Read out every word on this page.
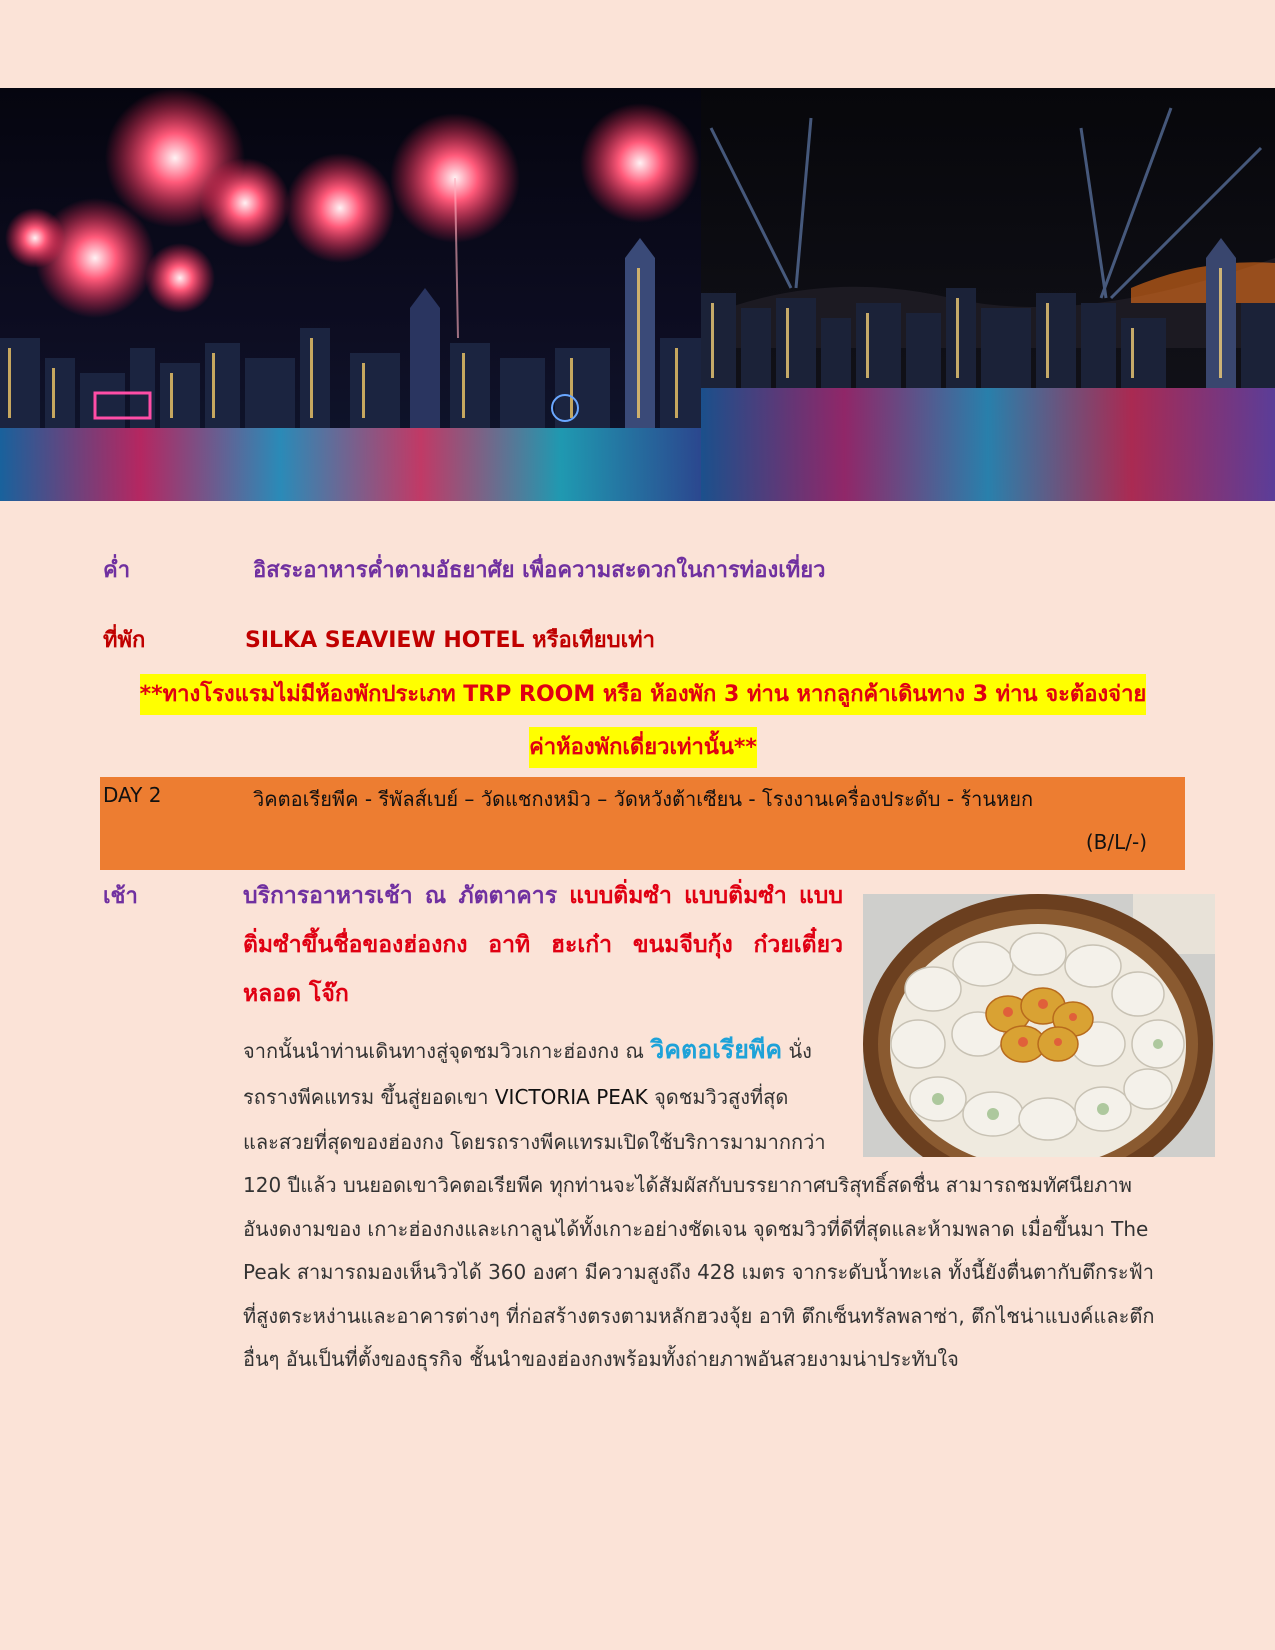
ค่ำ	อิสระอาหารค่ำตามอัธยาศัย เพื่อความสะดวกในการท่องเที่ยว
ที่พัก	SILKA SEAVIEW HOTEL หรือเทียบเท่า
**ทางโรงแรมไม่มีห้องพักประเภท TRP ROOM หรือ ห้องพัก 3 ท่าน หากลูกค้าเดินทาง 3 ท่าน จะต้องจ่าย
ค่าห้องพักเดี่ยวเท่านั้น**
DAY 2	วิคตอเรียพีค - รีพัลส์เบย์ – วัดแชกงหมิว – วัดหวังต้าเซียน - โรงงานเครื่องประดับ - ร้านหยก
(B/L/-)
เช้า	บริการอาหารเช้า ณ ภัตตาคาร แบบติ่มซำ แบบติ่มซำ แบบติ่มซำขึ้นชื่อของฮ่องกง อาทิ ฮะเก๋า ขนมจีบกุ้ง ก๋วยเตี๋ยวหลอด โจ๊ก
จากนั้นนำท่านเดินทางสู่จุดชมวิวเกาะฮ่องกง ณ วิคตอเรียพีค นั่ง
รถรางพีคแทรม ขึ้นสู่ยอดเขา VICTORIA PEAK จุดชมวิวสูงที่สุด
และสวยที่สุดของฮ่องกง โดยรถรางพีคแทรมเปิดใช้บริการมามากกว่า
120 ปีแล้ว บนยอดเขาวิคตอเรียพีค ทุกท่านจะได้สัมผัสกับบรรยากาศบริสุทธิ์สดชื่น สามารถชมทัศนียภาพ
อันงดงามของ เกาะฮ่องกงและเกาลูนได้ทั้งเกาะอย่างชัดเจน จุดชมวิวที่ดีที่สุดและห้ามพลาด เมื่อขึ้นมา The
Peak สามารถมองเห็นวิวได้ 360 องศา มีความสูงถึง 428 เมตร จากระดับน้ำทะเล ทั้งนี้ยังตื่นตากับตึกระฟ้า
ที่สูงตระหง่านและอาคารต่างๆ ที่ก่อสร้างตรงตามหลักฮวงจุ้ย อาทิ ตึกเซ็นทรัลพลาซ่า, ตึกไชน่าแบงค์และตึก
อื่นๆ อันเป็นที่ตั้งของธุรกิจ ชั้นนำของฮ่องกงพร้อมทั้งถ่ายภาพอันสวยงามน่าประทับใจ
